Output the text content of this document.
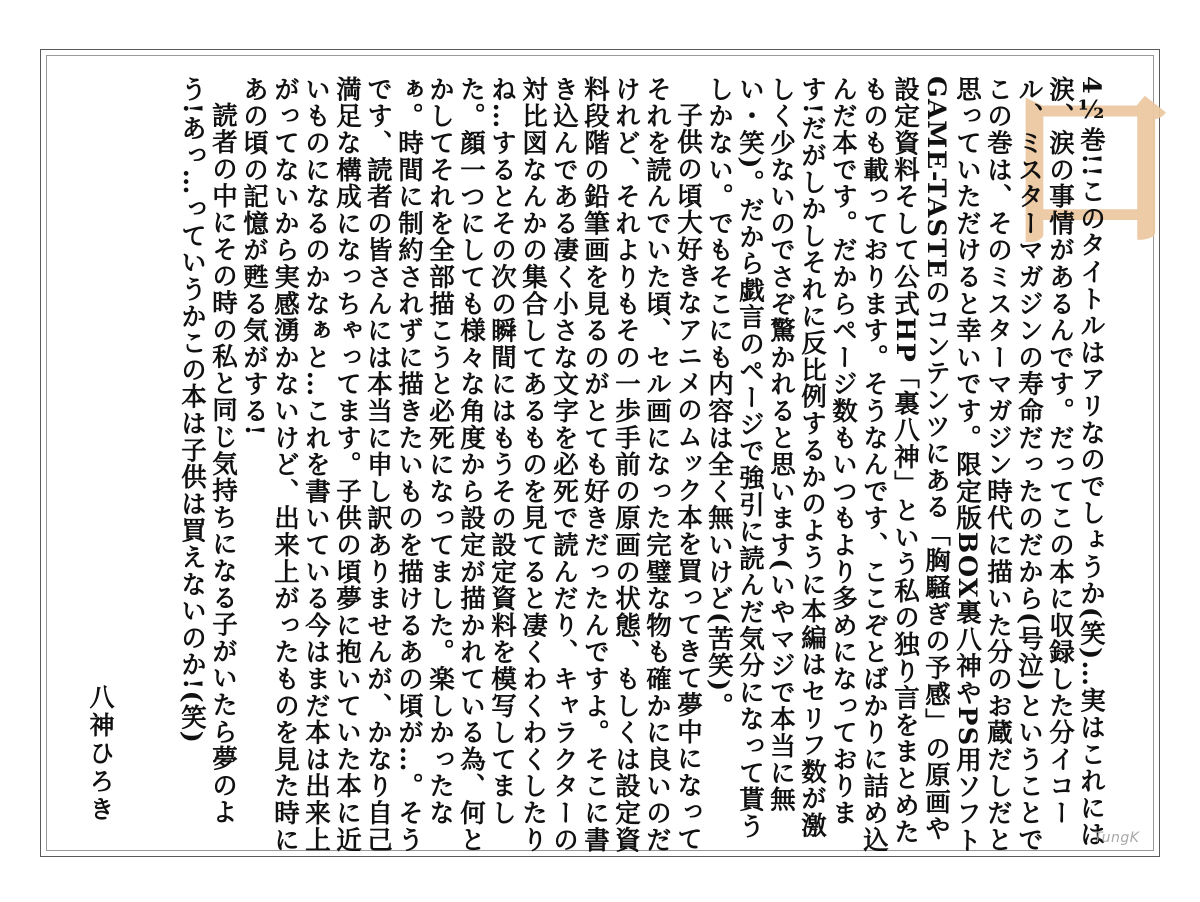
口

4½巻!!このタイトルはアリなのでしょうか(笑)…実はこれには涙、涙の事情があるんです。だってこの本に収録した分イコール、ミスターマガジンの寿命だったのだから(号泣)ということでこの巻は、そのミスターマガジン時代に描いた分のお蔵だしだと思っていただけると幸いです。限定版BOX裏八神やPS用ソフトGAME-TASTEのコンテンツにある「胸騒ぎの予感」の原画や設定資料そして公式HP「裏八神」という私の独り言をまとめたものも載っております。そうなんです、ここぞとばかりに詰め込んだ本です。だからページ数もいつもより多めになっております!だがしかしそれに反比例するかのように本編はセリフ数が激しく少ないのでさぞ驚かれると思います(いやマジで本当に無い・笑)。だから戯言のページで強引に読んだ気分になって貰うしかない。でもそこにも内容は全く無いけど(苦笑)。

子供の頃大好きなアニメのムック本を買ってきて夢中になってそれを読んでいた頃、セル画になった完璧な物も確かに良いのだけれど、それよりもその一歩手前の原画の状態、もしくは設定資料段階の鉛筆画を見るのがとても好きだったんですよ。そこに書き込んである凄く小さな文字を必死で読んだり、キャラクターの対比図なんかの集合してあるものを見てると凄くわくわくしたりね…するとその次の瞬間にはもうその設定資料を模写してました。顔一つにしても様々な角度から設定が描かれている為、何とかしてそれを全部描こうと必死になってました。楽しかったなぁ。時間に制約されずに描きたいものを描けるあの頃が…。そうです、読者の皆さんには本当に申し訳ありませんが、かなり自己満足な構成になっちゃってます。子供の頃夢に抱いていた本に近いものになるのかなぁと…これを書いている今はまだ本は出来上がってないから実感湧かないけど、出来上がったものを見た時にあの頃の記憶が甦る気がする!

読者の中にその時の私と同じ気持ちになる子がいたら夢のよう!あっ…っていうかこの本は子供は買えないのか!(笑)

八神ひろき
TungK
